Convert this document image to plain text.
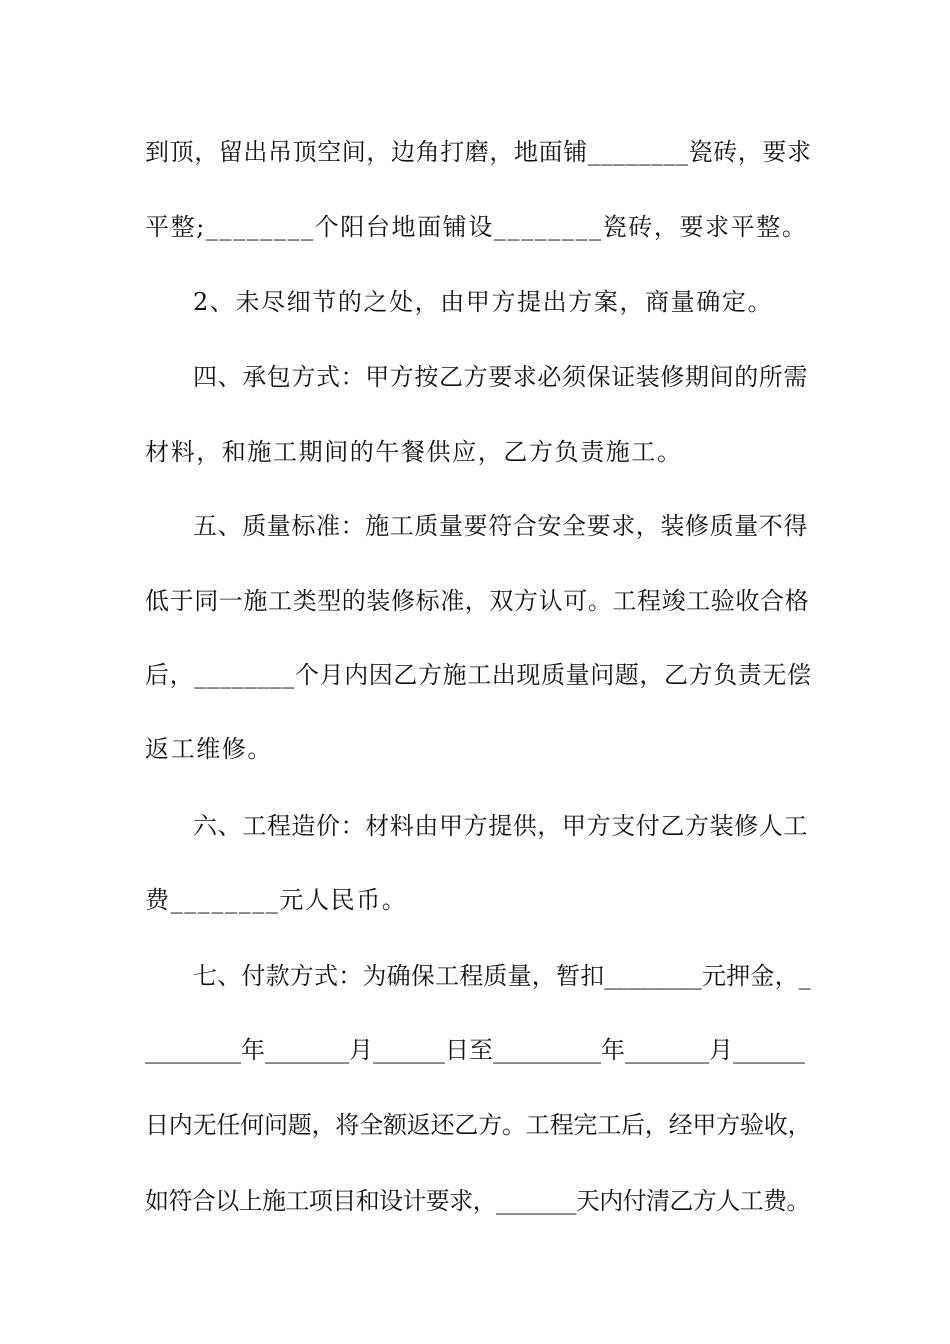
到顶，留出吊顶空间，边角打磨，地面铺________瓷砖，要求
平整;________个阳台地面铺设________瓷砖，要求平整。
2、未尽细节的之处，由甲方提出方案，商量确定。
四、承包方式：甲方按乙方要求必须保证装修期间的所需
材料，和施工期间的午餐供应，乙方负责施工。
五、质量标准：施工质量要符合安全要求，装修质量不得
低于同一施工类型的装修标准，双方认可。工程竣工验收合格
后，________个月内因乙方施工出现质量问题，乙方负责无偿
返工维修。
六、工程造价：材料由甲方提供，甲方支付乙方装修人工
费________元人民币。
七、付款方式：为确保工程质量，暂扣________元押金，_
________年_______月______日至_________年_______月______
日内无任何问题，将全额返还乙方。工程完工后，经甲方验收，
如符合以上施工项目和设计要求，_______天内付清乙方人工费。
